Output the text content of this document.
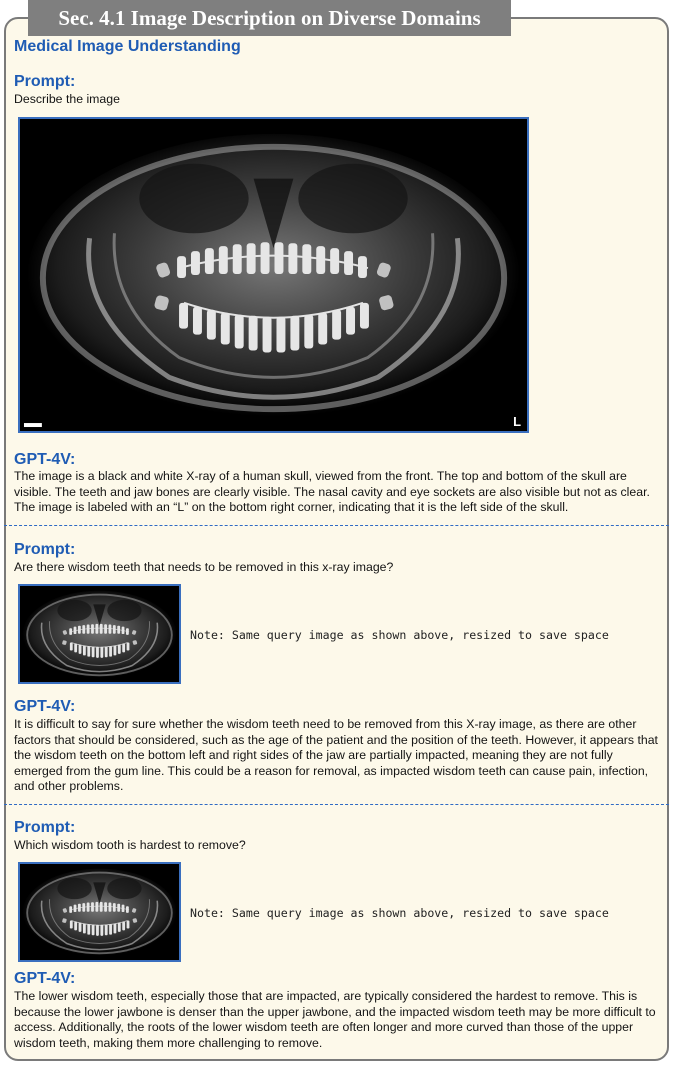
Sec. 4.1 Image Description on Diverse Domains
Medical Image Understanding
Prompt:
Describe the image
L
GPT-4V:
The image is a black and white X-ray of a human skull, viewed from the front. The top and bottom of the skull are visible. The teeth and jaw bones are clearly visible. The nasal cavity and eye sockets are also visible but not as clear. The image is labeled with an “L” on the bottom right corner, indicating that it is the left side of the skull.
Prompt:
Are there wisdom teeth that needs to be removed in this x-ray image?
Note: Same query image as shown above, resized to save space
GPT-4V:
It is difficult to say for sure whether the wisdom teeth need to be removed from this X-ray image, as there are other factors that should be considered, such as the age of the patient and the position of the teeth. However, it appears that the wisdom teeth on the bottom left and right sides of the jaw are partially impacted, meaning they are not fully emerged from the gum line. This could be a reason for removal, as impacted wisdom teeth can cause pain, infection, and other problems.
Prompt:
Which wisdom tooth is hardest to remove?
Note: Same query image as shown above, resized to save space
GPT-4V:
The lower wisdom teeth, especially those that are impacted, are typically considered the hardest to remove. This is because the lower jawbone is denser than the upper jawbone, and the impacted wisdom teeth may be more difficult to access. Additionally, the roots of the lower wisdom teeth are often longer and more curved than those of the upper wisdom teeth, making them more challenging to remove.
